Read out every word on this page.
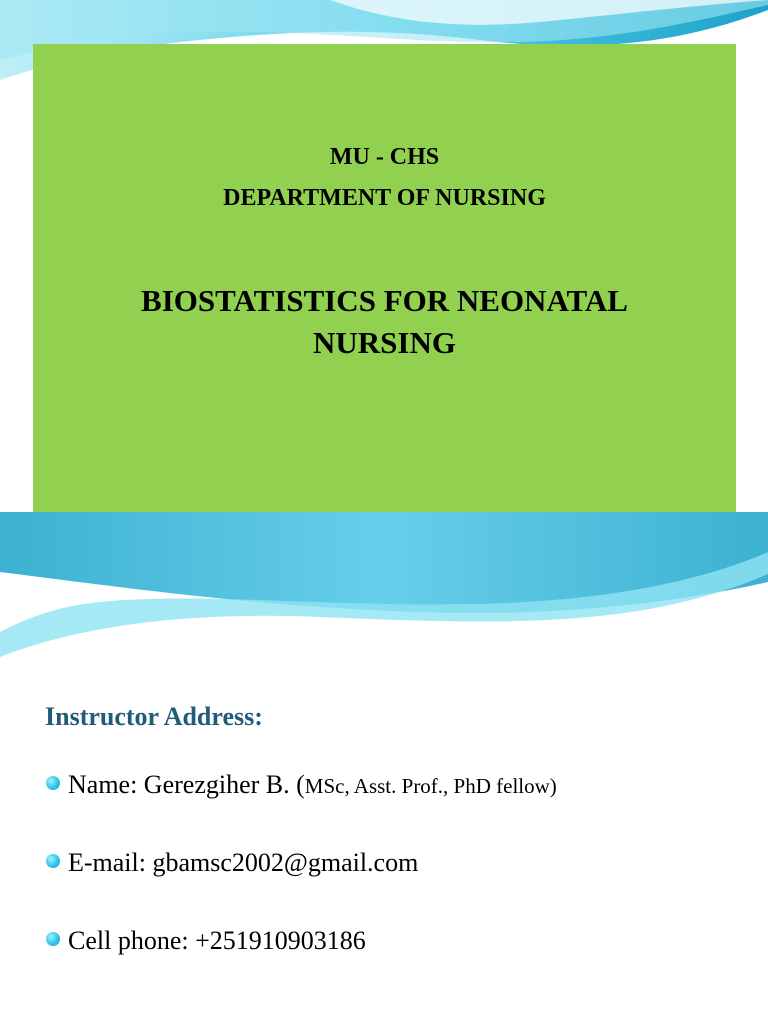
MU - CHS
DEPARTMENT OF NURSING
BIOSTATISTICS FOR NEONATAL
NURSING
Instructor Address:
Name: Gerezgiher B. (MSc, Asst. Prof., PhD fellow)
E-mail: gbamsc2002@gmail.com
Cell phone: +251910903186
